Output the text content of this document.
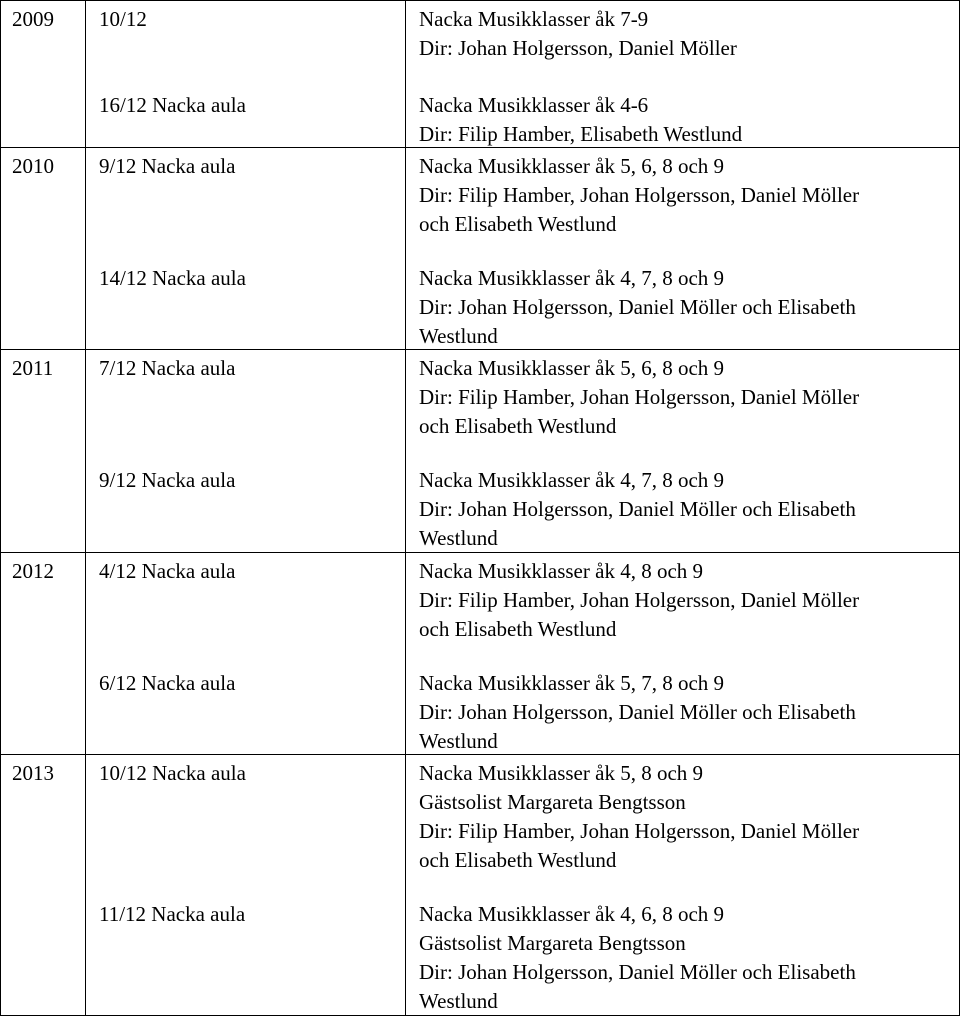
2009 10/12	Nacka Musikklasser åk 7-9
Dir: Johan Holgersson, Daniel Möller
16/12 Nacka aula	Nacka Musikklasser åk 4-6
Dir: Filip Hamber, Elisabeth Westlund
2010 9/12 Nacka aula	Nacka Musikklasser åk 5, 6, 8 och 9
Dir: Filip Hamber, Johan Holgersson, Daniel Möller
och Elisabeth Westlund
14/12 Nacka aula	Nacka Musikklasser åk 4, 7, 8 och 9
Dir: Johan Holgersson, Daniel Möller och Elisabeth
Westlund
2011 7/12 Nacka aula	Nacka Musikklasser åk 5, 6, 8 och 9
Dir: Filip Hamber, Johan Holgersson, Daniel Möller
och Elisabeth Westlund
9/12 Nacka aula	Nacka Musikklasser åk 4, 7, 8 och 9
Dir: Johan Holgersson, Daniel Möller och Elisabeth
Westlund
2012 4/12 Nacka aula	Nacka Musikklasser åk 4, 8 och 9
Dir: Filip Hamber, Johan Holgersson, Daniel Möller
och Elisabeth Westlund
6/12 Nacka aula	Nacka Musikklasser åk 5, 7, 8 och 9
Dir: Johan Holgersson, Daniel Möller och Elisabeth
Westlund
2013 10/12 Nacka aula	Nacka Musikklasser åk 5, 8 och 9
Gästsolist Margareta Bengtsson
Dir: Filip Hamber, Johan Holgersson, Daniel Möller
och Elisabeth Westlund
11/12 Nacka aula	Nacka Musikklasser åk 4, 6, 8 och 9
Gästsolist Margareta Bengtsson
Dir: Johan Holgersson, Daniel Möller och Elisabeth
Westlund
